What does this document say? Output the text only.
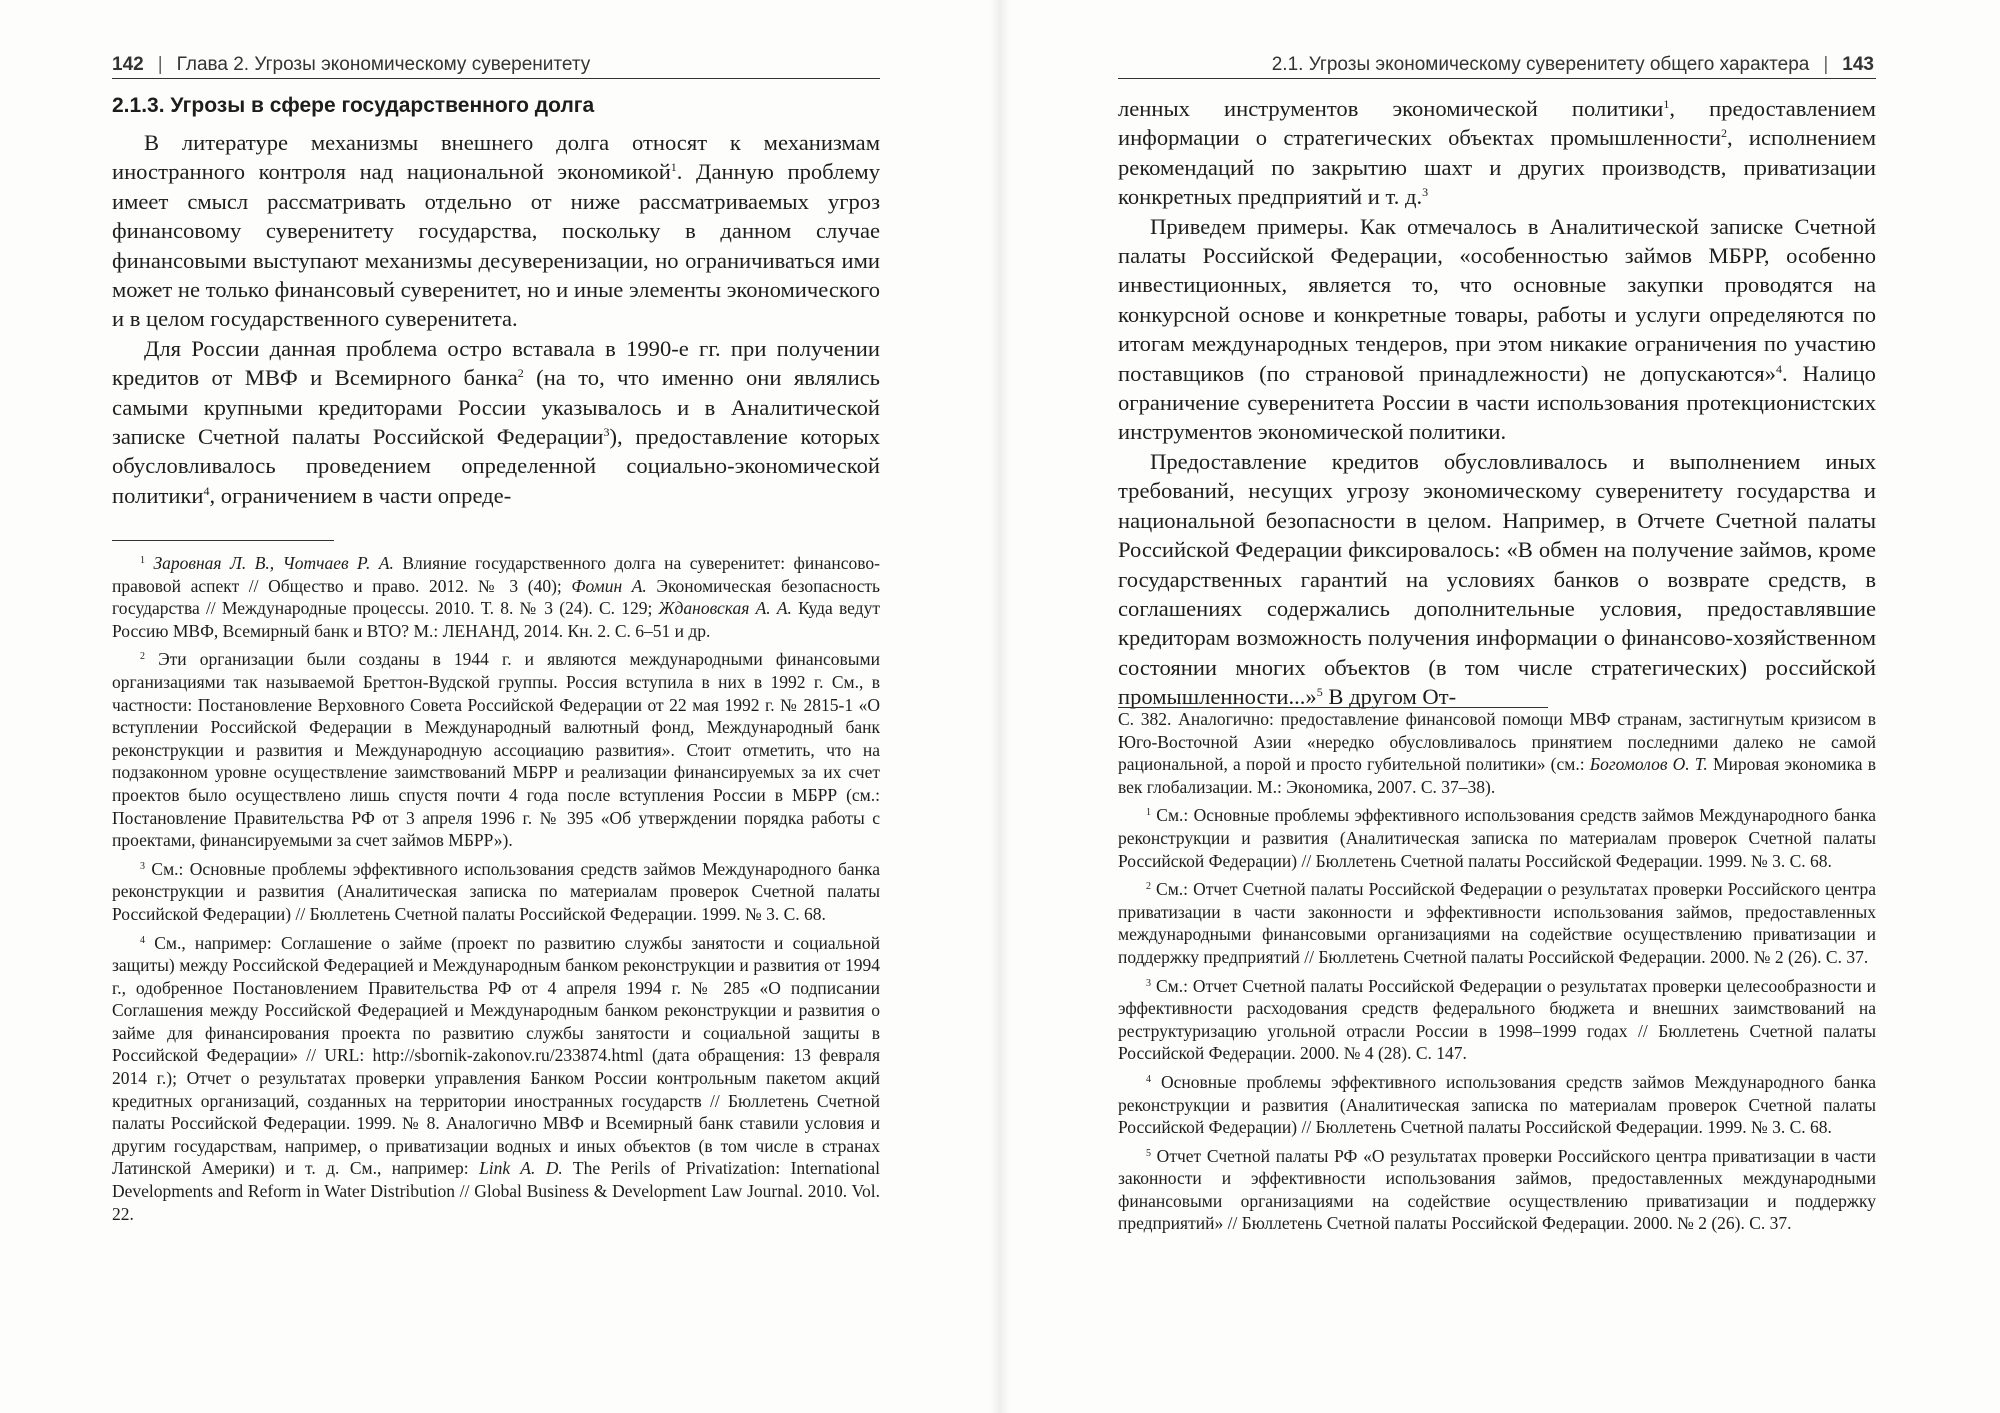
142 | Глава 2. Угрозы экономическому суверенитету
2.1.3. Угрозы в сфере государственного долга

В литературе механизмы внешнего долга относят к механизмам иностранного контроля над национальной экономикой$^1$. Данную проблему имеет смысл рассматривать отдельно от ниже рассматриваемых угроз финансовому суверенитету государства, поскольку в данном случае финансовыми выступают механизмы десуверенизации, но ограничиваться ими может не только финансовый суверенитет, но и иные элементы экономического и в целом государственного суверенитета.

Для России данная проблема остро вставала в 1990-е гг. при получении кредитов от МВФ и Всемирного банка$^2$ (на то, что именно они являлись самыми крупными кредиторами России указывалось и в Аналитической записке Счетной палаты Российской Федерации$^3$), предоставление которых обусловливалось проведением определенной социально-экономической политики$^4$, ограничением в части опреде-

$^1$ Заровная Л. В., Чотчаев Р. А. Влияние государственного долга на суверенитет: финансово-правовой аспект // Общество и право. 2012. № 3 (40); Фомин А. Экономическая безопасность государства // Международные процессы. 2010. Т. 8. № 3 (24). С. 129; Ждановская А. А. Куда ведут Россию МВФ, Всемирный банк и ВТО? М.: ЛЕНАНД, 2014. Кн. 2. С. 6–51 и др.

$^2$ Эти организации были созданы в 1944 г. и являются международными финансовыми организациями так называемой Бреттон-Вудской группы. Россия вступила в них в 1992 г. См., в частности: Постановление Верховного Совета Российской Федерации от 22 мая 1992 г. № 2815-1 «О вступлении Российской Федерации в Международный валютный фонд, Международный банк реконструкции и развития и Международную ассоциацию развития». Стоит отметить, что на подзаконном уровне осуществление заимствований МБРР и реализации финансируемых за их счет проектов было осуществлено лишь спустя почти 4 года после вступления России в МБРР (см.: Постановление Правительства РФ от 3 апреля 1996 г. № 395 «Об утверждении порядка работы с проектами, финансируемыми за счет займов МБРР»).

$^3$ См.: Основные проблемы эффективного использования средств займов Международного банка реконструкции и развития (Аналитическая записка по материалам проверок Счетной палаты Российской Федерации) // Бюллетень Счетной палаты Российской Федерации. 1999. № 3. С. 68.

$^4$ См., например: Соглашение о займе (проект по развитию службы занятости и социальной защиты) между Российской Федерацией и Международным банком реконструкции и развития от 1994 г., одобренное Постановлением Правительства РФ от 4 апреля 1994 г. № 285 «О подписании Соглашения между Российской Федерацией и Международным банком реконструкции и развития о займе для финансирования проекта по развитию службы занятости и социальной защиты в Российской Федерации» // URL: http://sbornik-zakonov.ru/233874.html (дата обращения: 13 февраля 2014 г.); Отчет о результатах проверки управления Банком России контрольным пакетом акций кредитных организаций, созданных на территории иностранных государств // Бюллетень Счетной палаты Российской Федерации. 1999. № 8. Аналогично МВФ и Всемирный банк ставили условия и другим государствам, например, о приватизации водных и иных объектов (в том числе в странах Латинской Америки) и т. д. См., например: Link A. D. The Perils of Privatization: International Developments and Reform in Water Distribution // Global Business & Development Law Journal. 2010. Vol. 22.

2.1. Угрозы экономическому суверенитету общего характера | 143

ленных инструментов экономической политики$^1$, предоставлением информации о стратегических объектах промышленности$^2$, исполнением рекомендаций по закрытию шахт и других производств, приватизации конкретных предприятий и т. д.$^3$

Приведем примеры. Как отмечалось в Аналитической записке Счетной палаты Российской Федерации, «особенностью займов МБРР, особенно инвестиционных, является то, что основные закупки проводятся на конкурсной основе и конкретные товары, работы и услуги определяются по итогам международных тендеров, при этом никакие ограничения по участию поставщиков (по страновой принадлежности) не допускаются»$^4$. Налицо ограничение суверенитета России в части использования протекционистских инструментов экономической политики.

Предоставление кредитов обусловливалось и выполнением иных требований, несущих угрозу экономическому суверенитету государства и национальной безопасности в целом. Например, в Отчете Счетной палаты Российской Федерации фиксировалось: «В обмен на получение займов, кроме государственных гарантий на условиях банков о возврате средств, в соглашениях содержались дополнительные условия, предоставлявшие кредиторам возможность получения информации о финансово-хозяйственном состоянии многих объектов (в том числе стратегических) российской промышленности...»$^5$ В другом От-

С. 382. Аналогично: предоставление финансовой помощи МВФ странам, застигнутым кризисом в Юго-Восточной Азии «нередко обусловливалось принятием последними далеко не самой рациональной, а порой и просто губительной политики» (см.: Богомолов О. Т. Мировая экономика в век глобализации. М.: Экономика, 2007. С. 37–38).

$^1$ См.: Основные проблемы эффективного использования средств займов Международного банка реконструкции и развития (Аналитическая записка по материалам проверок Счетной палаты Российской Федерации) // Бюллетень Счетной палаты Российской Федерации. 1999. № 3. С. 68.

$^2$ См.: Отчет Счетной палаты Российской Федерации о результатах проверки Российского центра приватизации в части законности и эффективности использования займов, предоставленных международными финансовыми организациями на содействие осуществлению приватизации и поддержку предприятий // Бюллетень Счетной палаты Российской Федерации. 2000. № 2 (26). С. 37.

$^3$ См.: Отчет Счетной палаты Российской Федерации о результатах проверки целесообразности и эффективности расходования средств федерального бюджета и внешних заимствований на реструктуризацию угольной отрасли России в 1998–1999 годах // Бюллетень Счетной палаты Российской Федерации. 2000. № 4 (28). С. 147.

$^4$ Основные проблемы эффективного использования средств займов Международного банка реконструкции и развития (Аналитическая записка по материалам проверок Счетной палаты Российской Федерации) // Бюллетень Счетной палаты Российской Федерации. 1999. № 3. С. 68.

$^5$ Отчет Счетной палаты РФ «О результатах проверки Российского центра приватизации в части законности и эффективности использования займов, предоставленных международными финансовыми организациями на содействие осуществлению приватизации и поддержку предприятий» // Бюллетень Счетной палаты Российской Федерации. 2000. № 2 (26). С. 37.
